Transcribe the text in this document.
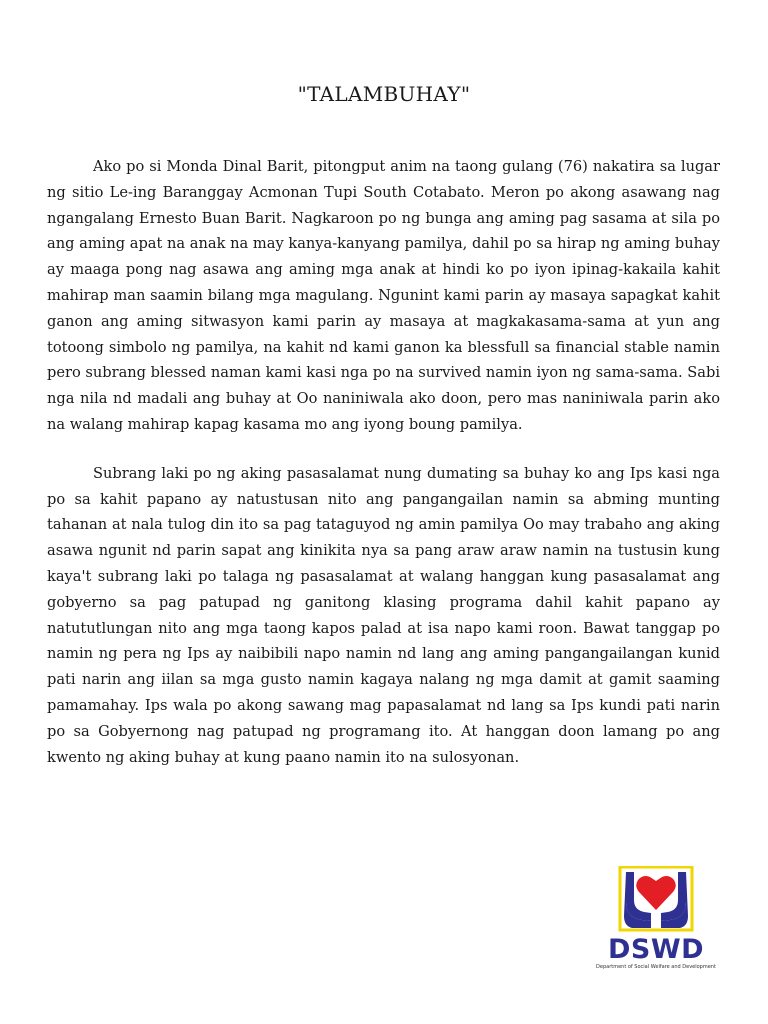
"TALAMBUHAY"

Ako po si Monda Dinal Barit, pitongput anim na taong gulang (76) nakatira sa lugar ng sitio Le-ing Baranggay Acmonan Tupi South Cotabato. Meron po akong asawang nag ngangalang Ernesto Buan Barit. Nagkaroon po ng bunga ang aming pag sasama at sila po ang aming apat na anak na may kanya-kanyang pamilya, dahil po sa hirap ng aming buhay ay maaga pong nag asawa ang aming mga anak at hindi ko po iyon ipinag-kakaila kahit mahirap man saamin bilang mga magulang. Ngunint kami parin ay masaya sapagkat kahit ganon ang aming sitwasyon kami parin ay masaya at magkakasama-sama at yun ang totoong simbolo ng pamilya, na kahit nd kami ganon ka blessfull sa financial stable namin pero subrang blessed naman kami kasi nga po na survived namin iyon ng sama-sama. Sabi nga nila nd madali ang buhay at Oo naniniwala ako doon, pero mas naniniwala parin ako na walang mahirap kapag kasama mo ang iyong boung pamilya.

Subrang laki po ng aking pasasalamat nung dumating sa buhay ko ang Ips kasi nga po sa kahit papano ay natustusan nito ang pangangailan namin sa abming munting tahanan at nala tulog din ito sa pag tataguyod ng amin pamilya Oo may trabaho ang aking asawa ngunit nd parin sapat ang kinikita nya sa pang araw araw namin na tustusin kung kaya't subrang laki po talaga ng pasasalamat at walang hanggan kung pasasalamat ang gobyerno sa pag patupad ng ganitong klasing programa dahil kahit papano ay natututlungan nito ang mga taong kapos palad at isa napo kami roon. Bawat tanggap po namin ng pera ng Ips ay naibibili napo namin nd lang ang aming pangangailangan kunid pati narin ang iilan sa mga gusto namin kagaya nalang ng mga damit at gamit saaming pamamahay. Ips wala po akong sawang mag papasalamat nd lang sa Ips kundi pati narin po sa Gobyernong nag patupad ng programang ito. At hanggan doon lamang po ang kwento ng aking buhay at kung paano namin ito na sulosyonan.

DSWD
Department of Social Welfare and Development
